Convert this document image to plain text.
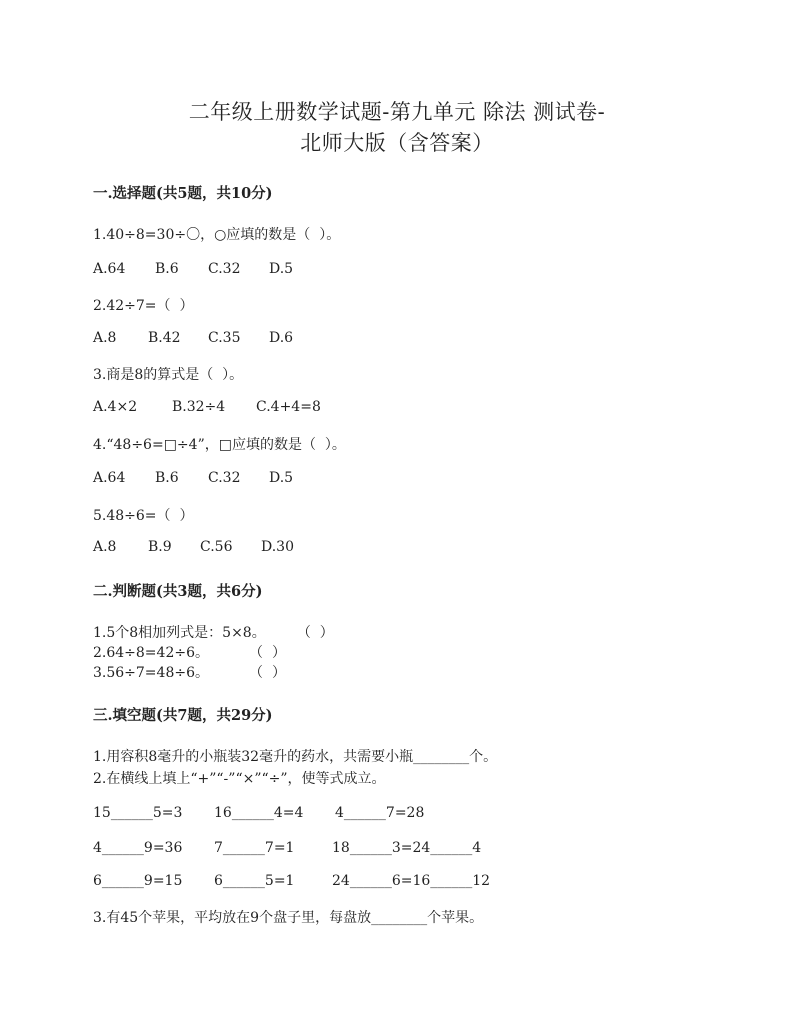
二年级上册数学试题-第九单元 除法 测试卷-
北师大版（含答案）
一.选择题(共5题，共10分)
1.40÷8=30÷〇，○应填的数是（  ）。
A.64 B.6 C.32 D.5
2.42÷7=（  ）
A.8 B.42 C.35 D.6
3.商是8的算式是（  ）。
A.4×2 B.32÷4 C.4+4=8
4.“48÷6=□÷4”，□应填的数是（  ）。
A.64 B.6 C.32 D.5
5.48÷6=（  ）
A.8 B.9 C.56 D.30
二.判断题(共3题，共6分)
1.5个8相加列式是：5×8。       （  ）
2.64÷8=42÷6。         （  ）
3.56÷7=48÷6。         （  ）
三.填空题(共7题，共29分)
1.用容积8毫升的小瓶装32毫升的药水，共需要小瓶________个。
2.在横线上填上“+”“-”“×”“÷”，使等式成立。
15______5=3 16______4=4 4______7=28
4______9=36 7______7=1	18______3=24______4
6______9=15 6______5=1	24______6=16______12
3.有45个苹果，平均放在9个盘子里，每盘放________个苹果。
